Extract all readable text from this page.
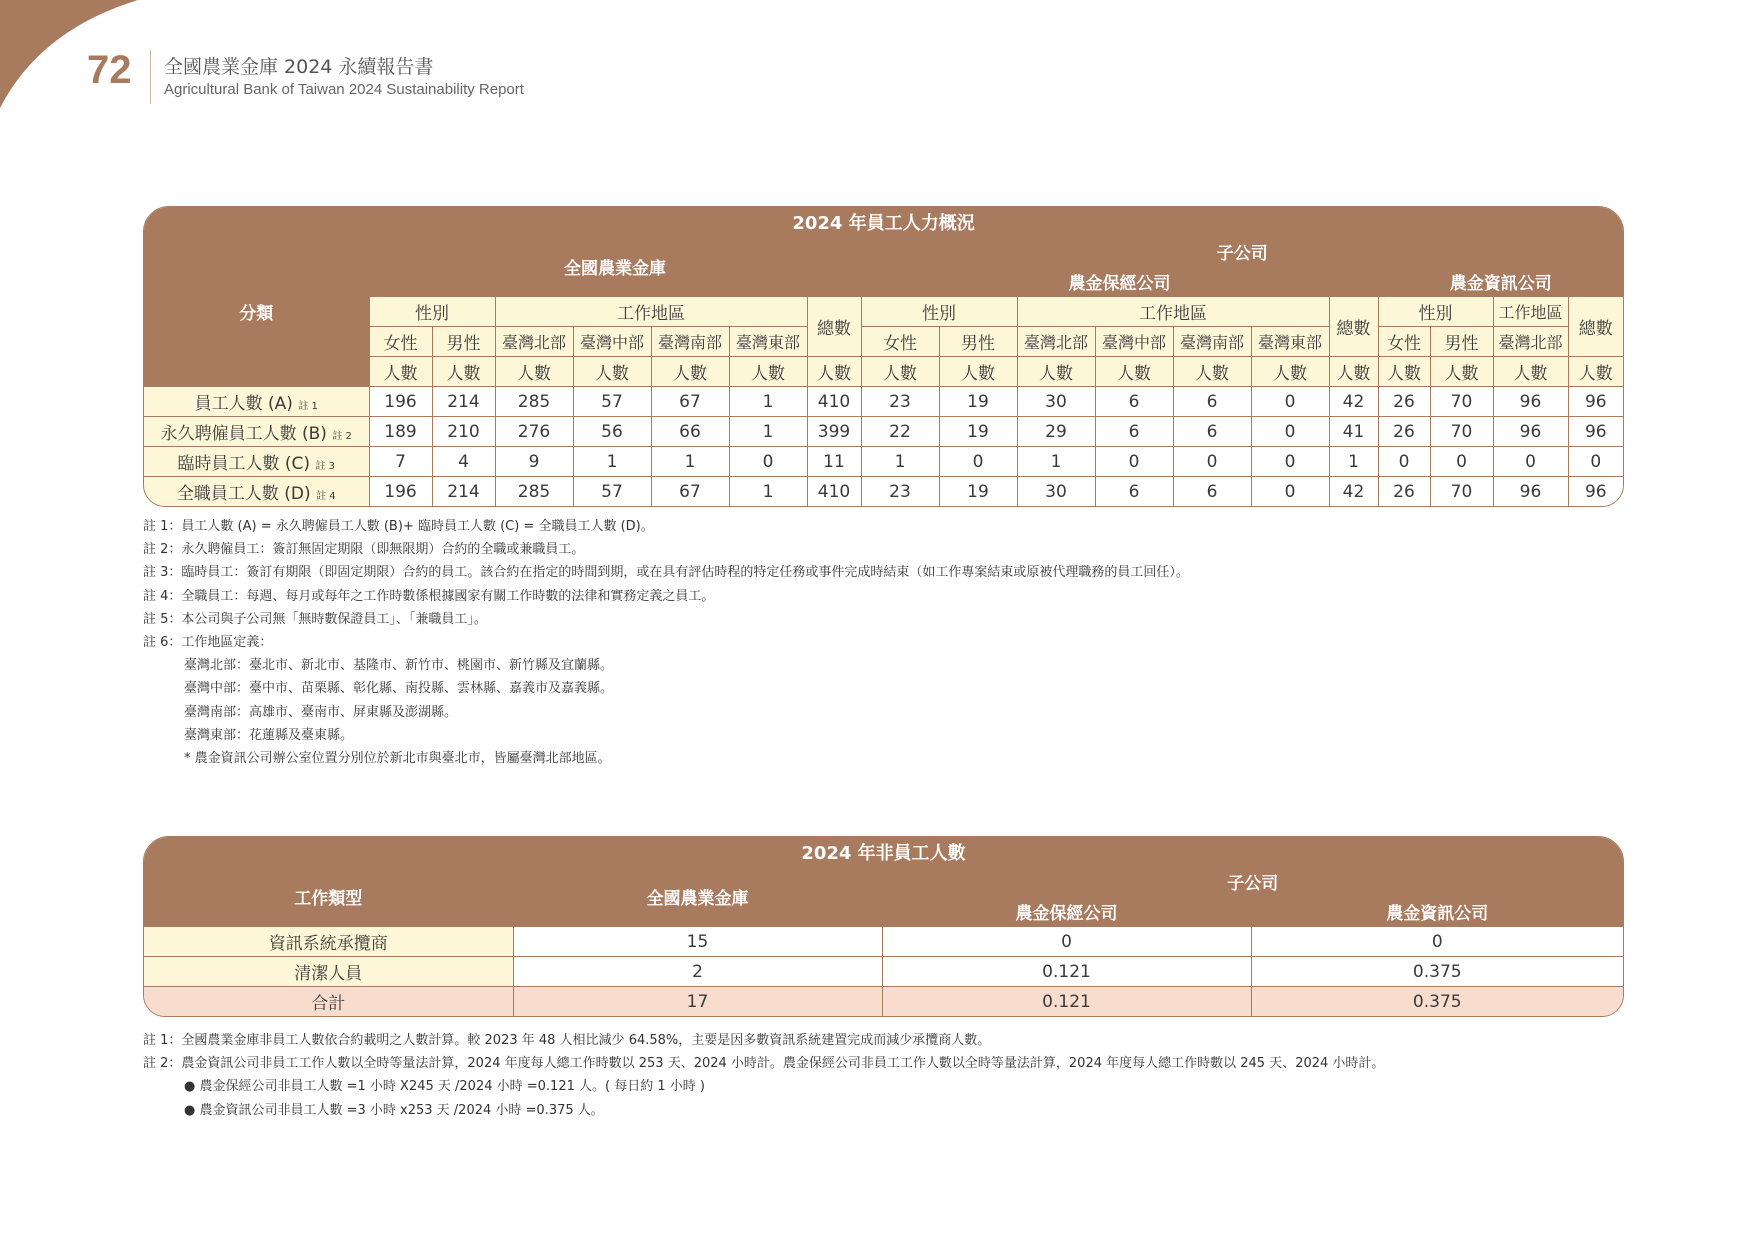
72 全國農業金庫 2024 永續報告書
Agricultural Bank of Taiwan 2024 Sustainability Report
2024 年員工人力概況																		
分類	全國農業金庫							子公司										
								農金保經公司							農金資訊公司			
	性別		工作地區				總數	性別		工作地區				總數	性別		工作地區	總數
	女性	男性	臺灣北部	臺灣中部	臺灣南部	臺灣東部		女性	男性	臺灣北部	臺灣中部	臺灣南部	臺灣東部		女性	男性	臺灣北部	
	人數	人數	人數	人數	人數	人數	人數	人數	人數	人數	人數	人數	人數	人數	人數	人數	人數	人數
員工人數 (A) 註 1	196	214	285	57	67	1	410	23	19	30	6	6	0	42	26	70	96	96
永久聘僱員工人數 (B) 註 2	189	210	276	56	66	1	399	22	19	29	6	6	0	41	26	70	96	96
臨時員工人數 (C) 註 3	7	4	9	1	1	0	11	1	0	1	0	0	0	1	0	0	0	0
全職員工人數 (D) 註 4	196	214	285	57	67	1	410	23	19	30	6	6	0	42	26	70	96	96
註 1：員工人數 (A) = 永久聘僱員工人數 (B)+ 臨時員工人數 (C) = 全職員工人數 (D)。
註 2：永久聘僱員工：簽訂無固定期限（即無限期）合約的全職或兼職員工。
註 3：臨時員工：簽訂有期限（即固定期限）合約的員工。該合約在指定的時間到期，或在具有評估時程的特定任務或事件完成時結束（如工作專案結束或原被代理職務的員工回任）。
註 4：全職員工：每週、每月或每年之工作時數係根據國家有關工作時數的法律和實務定義之員工。
註 5：本公司與子公司無「無時數保證員工」、「兼職員工」。
註 6：工作地區定義：
臺灣北部：臺北市、新北市、基隆市、新竹市、桃園市、新竹縣及宜蘭縣。
臺灣中部：臺中市、苗栗縣、彰化縣、南投縣、雲林縣、嘉義市及嘉義縣。
臺灣南部：高雄市、臺南市、屏東縣及澎湖縣。
臺灣東部：花蓮縣及臺東縣。
* 農金資訊公司辦公室位置分別位於新北市與臺北市，皆屬臺灣北部地區。
2024 年非員工人數			
工作類型	全國農業金庫	子公司	
		農金保經公司	農金資訊公司
資訊系統承攬商	15	0	0
清潔人員	2	0.121	0.375
合計	17	0.121	0.375
註 1：全國農業金庫非員工人數依合約載明之人數計算。較 2023 年 48 人相比減少 64.58%，主要是因多數資訊系統建置完成而減少承攬商人數。
註 2：農金資訊公司非員工工作人數以全時等量法計算，2024 年度每人總工作時數以 253 天、2024 小時計。農金保經公司非員工工作人數以全時等量法計算，2024 年度每人總工作時數以 245 天、2024 小時計。
● 農金保經公司非員工人數 =1 小時 X245 天 /2024 小時 =0.121 人。( 每日約 1 小時 )
● 農金資訊公司非員工人數 =3 小時 x253 天 /2024 小時 =0.375 人。
